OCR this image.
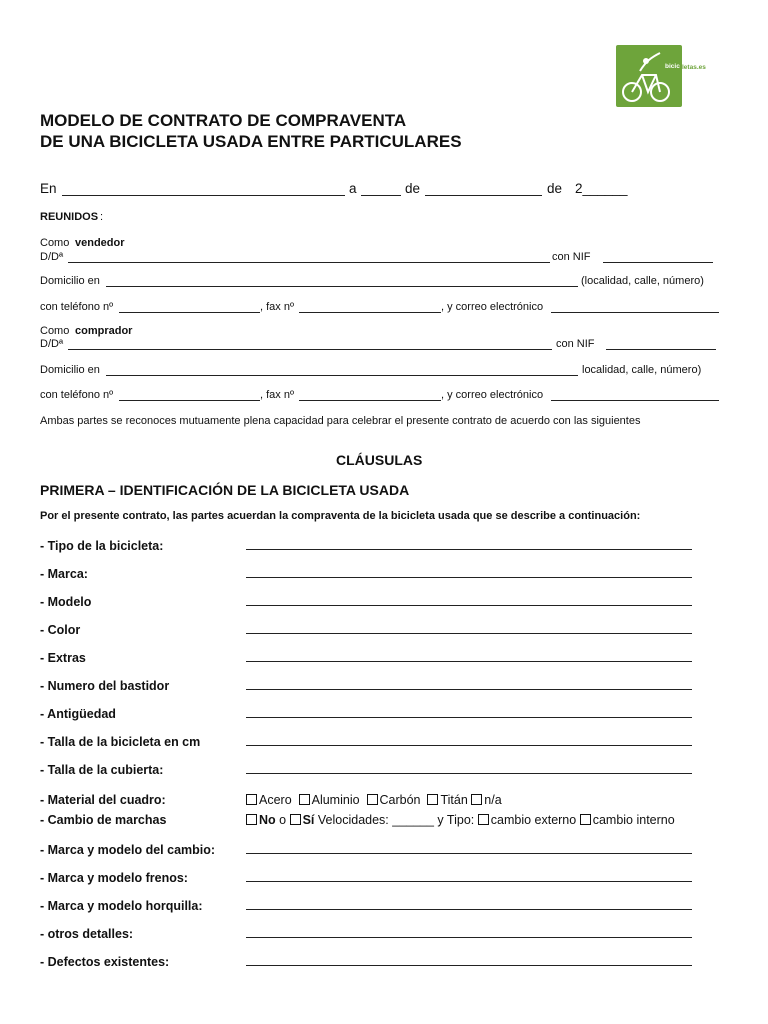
bicic letas.es
MODELO DE CONTRATO DE COMPRAVENTA
DE UNA BICICLETA USADA ENTRE PARTICULARES
En	a	de	de 2______
REUNIDOS :
Como vendedor
D/Dª	con NIF
Domicilio en	(localidad, calle, número)
con teléfono nº	, fax nº	, y correo electrónico
Como comprador
D/Dª	con NIF
Domicilio en	localidad, calle, número)
con teléfono nº	, fax nº	, y correo electrónico
Ambas partes se reconoces mutuamente plena capacidad para celebrar el presente contrato de acuerdo con las siguientes
CLÁUSULAS
PRIMERA – IDENTIFICACIÓN DE LA BICICLETA USADA
Por el presente contrato, las partes acuerdan la compraventa de la bicicleta usada que se describe a continuación:
- Tipo de la bicicleta:
- Marca:
- Modelo
- Color
- Extras
- Numero del bastidor
- Antigüedad
- Talla de la bicicleta en cm
- Talla de la cubierta:
- Material del cuadro:	Acero Aluminio Carbón Titán n/a
- Cambio de marchas	No o Sí Velocidades: ______ y Tipo: cambio externo cambio interno
- Marca y modelo del cambio:
- Marca y modelo frenos:
- Marca y modelo horquilla:
- otros detalles:
- Defectos existentes:
